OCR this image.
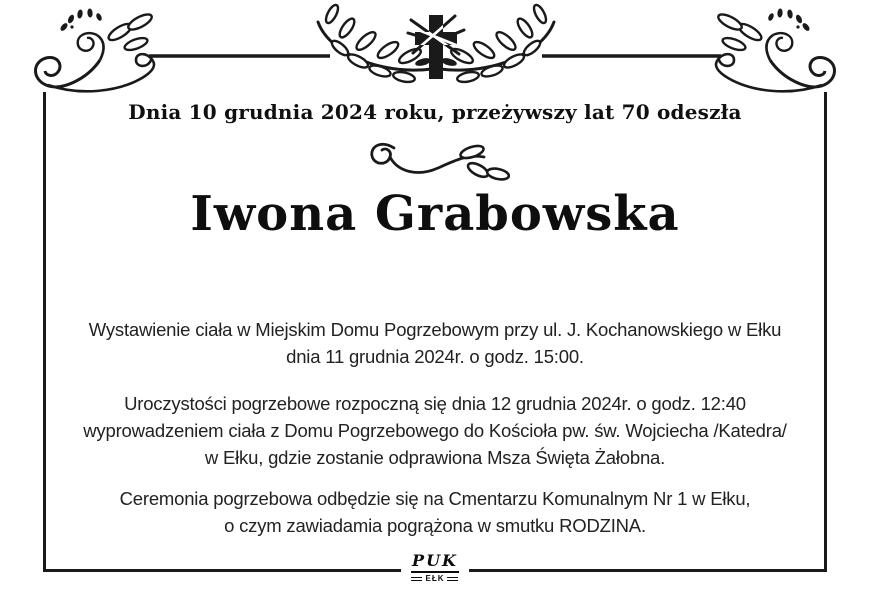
Dnia 10 grudnia 2024 roku, przeżywszy lat 70 odeszła
Iwona Grabowska
Wystawienie ciała w Miejskim Domu Pogrzebowym przy ul. J. Kochanowskiego w Ełku
dnia 11 grudnia 2024r. o godz. 15:00.
Uroczystości pogrzebowe rozpoczną się dnia 12 grudnia 2024r. o godz. 12:40
wyprowadzeniem ciała z Domu Pogrzebowego do Kościoła pw. św. Wojciecha /Katedra/
w Ełku, gdzie zostanie odprawiona Msza Święta Żałobna.
Ceremonia pogrzebowa odbędzie się na Cmentarzu Komunalnym Nr 1 w Ełku,
o czym zawiadamia pogrążona w smutku RODZINA.
PUK
EŁK
